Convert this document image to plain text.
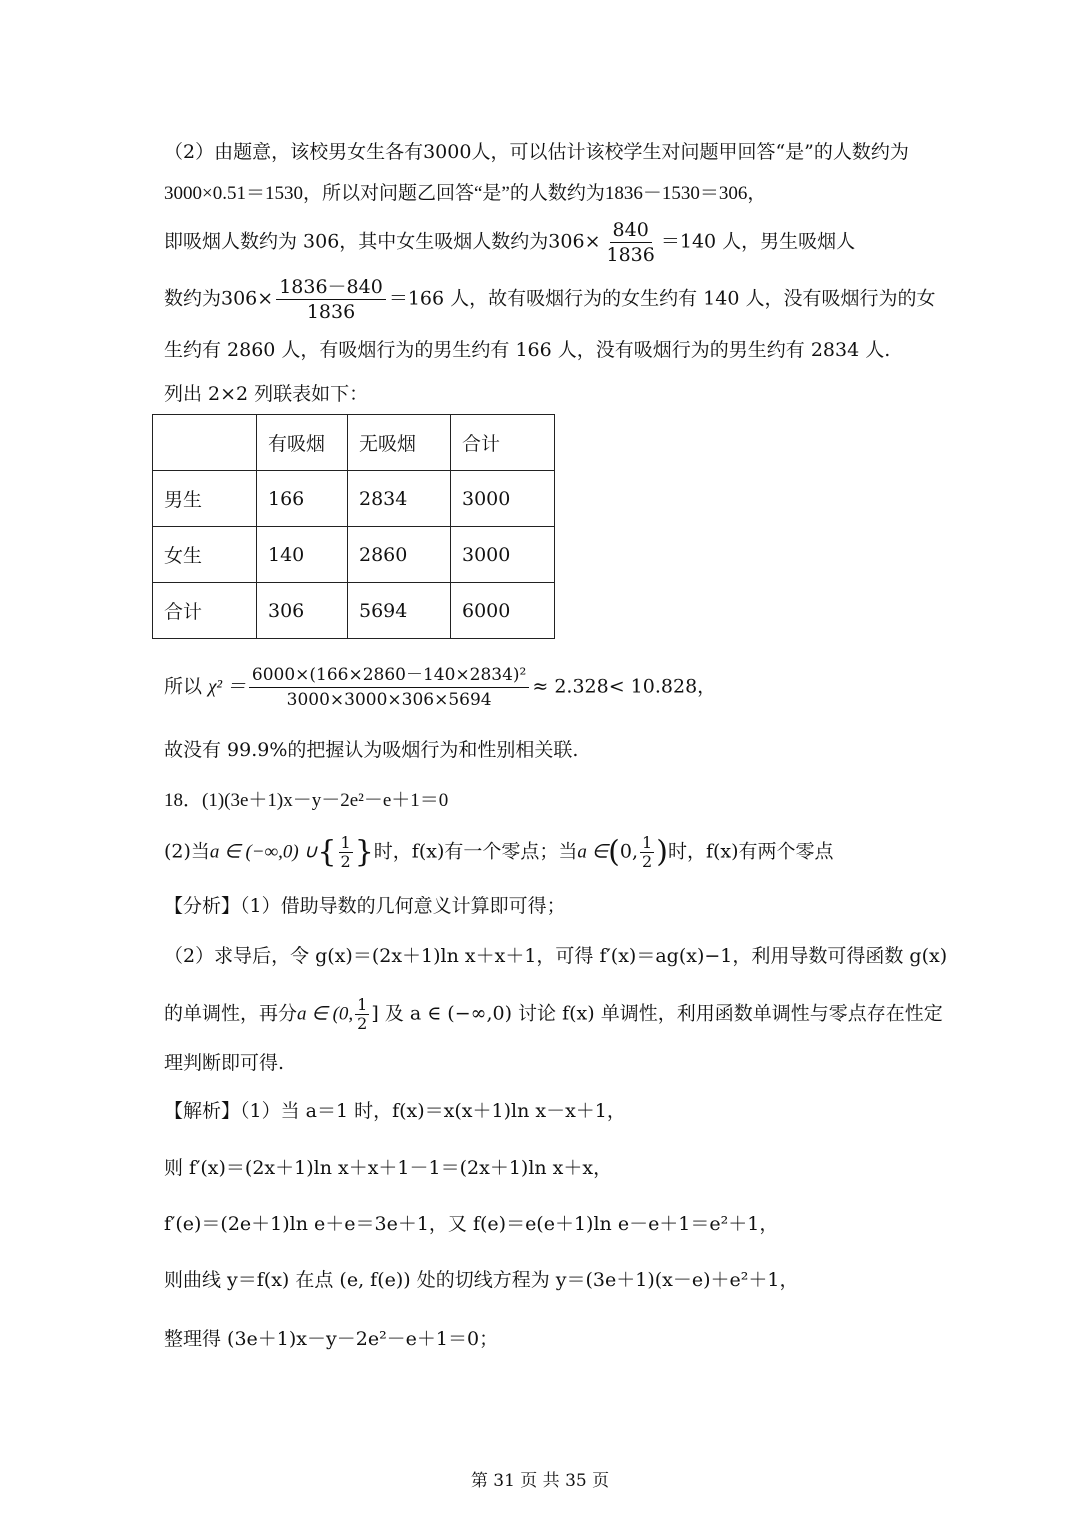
（2）由题意，该校男女生各有3000人，可以估计该校学生对问题甲回答“是”的人数约为
3000×0.51＝1530，所以对问题乙回答“是”的人数约为1836－1530＝306，
即吸烟人数约为 306，其中女生吸烟人数约为$306\times \frac{840}{1836} =140$ 人，男生吸烟人
数约为$306\times \frac{1836-840}{1836} =166$ 人，故有吸烟行为的女生约有 140 人，没有吸烟行为的女
生约有 2860 人，有吸烟行为的男生约有 166 人，没有吸烟行为的男生约有 2834 人.
列出 2×2 列联表如下：
	有吸烟	无吸烟	合计
男生	166	2834	3000
女生	140	2860	3000
合计	306	5694	6000
所以 $\chi^2 = \frac{\text{6000×(166×2860－140×2834)²}}{3000\times 3000\times 306\times 5694} \approx 2.328< 10.828$，
故没有 99.9%的把握认为吸烟行为和性别相关联.
18．(1)(3e＋1)x－y－2e²－e＋1＝0
(2)当a ∈ (−∞,0) ∪{ $\frac{1}{2}$ }时，f(x)有一个零点；当a ∈(0, $\frac{1}{2}$ )时，f(x)有两个零点
【分析】（1）借助导数的几何意义计算即可得；
（2）求导后，令 g(x)＝(2x＋1)ln x＋x＋1，可得 f′(x)＝ag(x)−1，利用导数可得函数 g(x)
的单调性，再分a ∈ (0, $\frac{1}{2}$ ] 及 a ∈ (−∞,0) 讨论 f(x) 单调性，利用函数单调性与零点存在性定
理判断即可得.
【解析】（1）当 a＝1 时，f(x)＝x(x＋1)ln x－x＋1，
则 f′(x)＝(2x＋1)ln x＋x＋1－1＝(2x＋1)ln x＋x，
f′(e)＝(2e＋1)ln e＋e＝3e＋1，又 f(e)＝e(e＋1)ln e－e＋1＝e²＋1，
则曲线 y＝f(x) 在点 (e, f(e)) 处的切线方程为 y＝(3e＋1)(x－e)＋e²＋1，
整理得 (3e＋1)x－y－2e²－e＋1＝0；
第 31 页 共 35 页
